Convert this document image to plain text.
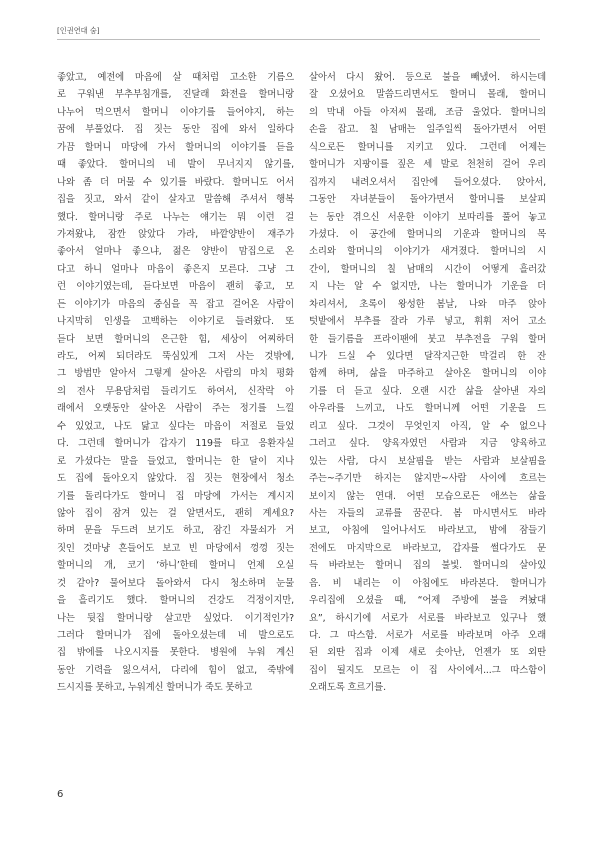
[인권연대 숨]
좋았고, 예전에 마음에 살 때처럼 고소한 기름으
로 구워낸 부추부침개를, 진달래 화전을 할머니랑
나누어 먹으면서 할머니 이야기를 들어야지, 하는
꿈에 부풀었다. 집 짓는 동안 집에 와서 일하다
가끔 할머니 마당에 가서 할머니의 이야기를 듣을
때 좋았다. 할머니의 네 발이 무너지지 않기를,
나와 좀 더 머물 수 있기를 바랐다. 할머니도 어서
집을 짓고, 와서 같이 살자고 말씀해 주셔서 행복
했다. 할머니랑 주로 나누는 얘기는 뭐 이런 걸
가져왔냐, 잠깐 앉았다 가라, 바깥양반이 재주가
좋아서 얼마나 좋으냐, 젊은 양반이 맘집으로 온
다고 하니 얼마나 마음이 좋은지 모른다. 그냥 그
런 이야기였는데, 듣다보면 마음이 괜히 좋고, 모
든 이야기가 마음의 중심을 꼭 잡고 걸어온 사람이
나지막히 인생을 고백하는 이야기로 들려왔다. 또
듣다 보면 할머니의 은근한 힘, 세상이 어찌하더
라도, 어찌 되더라도 뚝심있게 그저 사는 것밖에,
그 방법만 알아서 그렇게 살아온 사람의 마치 평화
의 전사 무용담처럼 들리기도 하여서, 신작락 아
래에서 오랫동안 살아온 사람이 주는 정기를 느낄
수 있었고, 나도 닮고 싶다는 마음이 저절로 들었
다. 그런데 할머니가 갑자기 119를 타고 응환자실
로 가셨다는 말을 들었고, 할머니는 한 달이 지나
도 집에 돌아오지 않았다. 집 짓는 현장에서 청소
기를 돌리다가도 할머니 집 마당에 가서는 계시지
않아 집이 잠겨 있는 걸 알면서도, 괜히 계세요?
하며 문을 두드려 보기도 하고, 잠긴 자물쇠가 거
짓인 것마냥 흔들어도 보고 빈 마당에서 껑껑 짓는
할머니의 개, 코기 ‘하니’한테 할머니 언제 오실
것 같아? 물어보다 돌아와서 다시 청소하며 눈물
을 흘리기도 했다. 할머니의 건강도 걱정이지만,
나는 뒷집 할머니랑 살고만 싶었다. 이기적인가?
그러다 할머니가 집에 돌아오셨는데 네 발으로도
집 밖에를 나오시지를 못한다. 병원에 누워 계신
동안 기력을 잃으셔서, 다리에 힘이 없고, 죽밖에
드시지를 못하고, 누워계신 할머니가 죽도 못하고
살아서 다시 왔어. 등으로 불을 빼냈어. 하시는데
잘 오셨어요 말씀드리면서도 할머니 몰래, 할머니
의 막내 아들 아저씨 몰래, 조금 울었다. 할머니의
손을 잡고. 칠 남매는 일주일씩 돌아가면서 어떤
식으로든 할머니를 지키고 있다. 그런데 어제는
할머니가 지팡이를 짚은 세 발로 천천히 걸어 우리
집까지 내려오셔서 집안에 들어오셨다. 앉아서,
그동안 자녀분들이 돌아가면서 할머니를 보살피
는 동안 겪으신 서운한 이야기 보따리를 풀어 놓고
가셨다. 이 공간에 할머니의 기운과 할머니의 목
소리와 할머니의 이야기가 새겨졌다. 할머니의 시
간이, 할머니의 칠 남매의 시간이 어떻게 흘러갔
지 나는 알 수 없지만, 나는 할머니가 기운을 더
차리셔서, 초록이 왕성한 봄날, 나와 마주 앉아
텃밭에서 부추를 잘라 가루 넣고, 휘휘 저어 고소
한 들기름을 프라이팬에 붓고 부추전을 구워 할머
니가 드실 수 있다면 달작지근한 막걸리 한 잔
함께 하며, 삶을 마주하고 살아온 할머니의 이야
기를 더 듣고 싶다. 오랜 시간 삶을 살아낸 자의
아우라를 느끼고, 나도 할머니께 어떤 기운을 드
리고 싶다. 그것이 무엇인지 아직, 알 수 없으나
그러고 싶다. 양육자였던 사람과 지금 양육하고
있는 사람, 다시 보살핌을 받는 사람과 보살핌을
주는~주기만 하지는 않지만~사람 사이에 흐르는
보이지 않는 연대. 어떤 모습으로든 애쓰는 삶을
사는 자들의 교류를 꿈꾼다. 봄 마시면서도 바라
보고, 아침에 일어나서도 바라보고, 밤에 잠들기
전에도 마지막으로 바라보고, 갑자를 썰다가도 문
득 바라보는 할머니 집의 불빛. 할머니의 살아있
음. 비 내리는 이 아침에도 바라본다. 할머니가
우리집에 오셨을 때, “어제 주방에 불을 켜놨대
요”, 하시기에 서로가 서로를 바라보고 있구나 했
다. 그 따스함. 서로가 서로를 바라보며 아주 오래
된 외딴 집과 이제 새로 솟아난, 언젠가 또 외딴
집이 될지도 모르는 이 집 사이에서...그 따스함이
오래도록 흐르기를.
6
